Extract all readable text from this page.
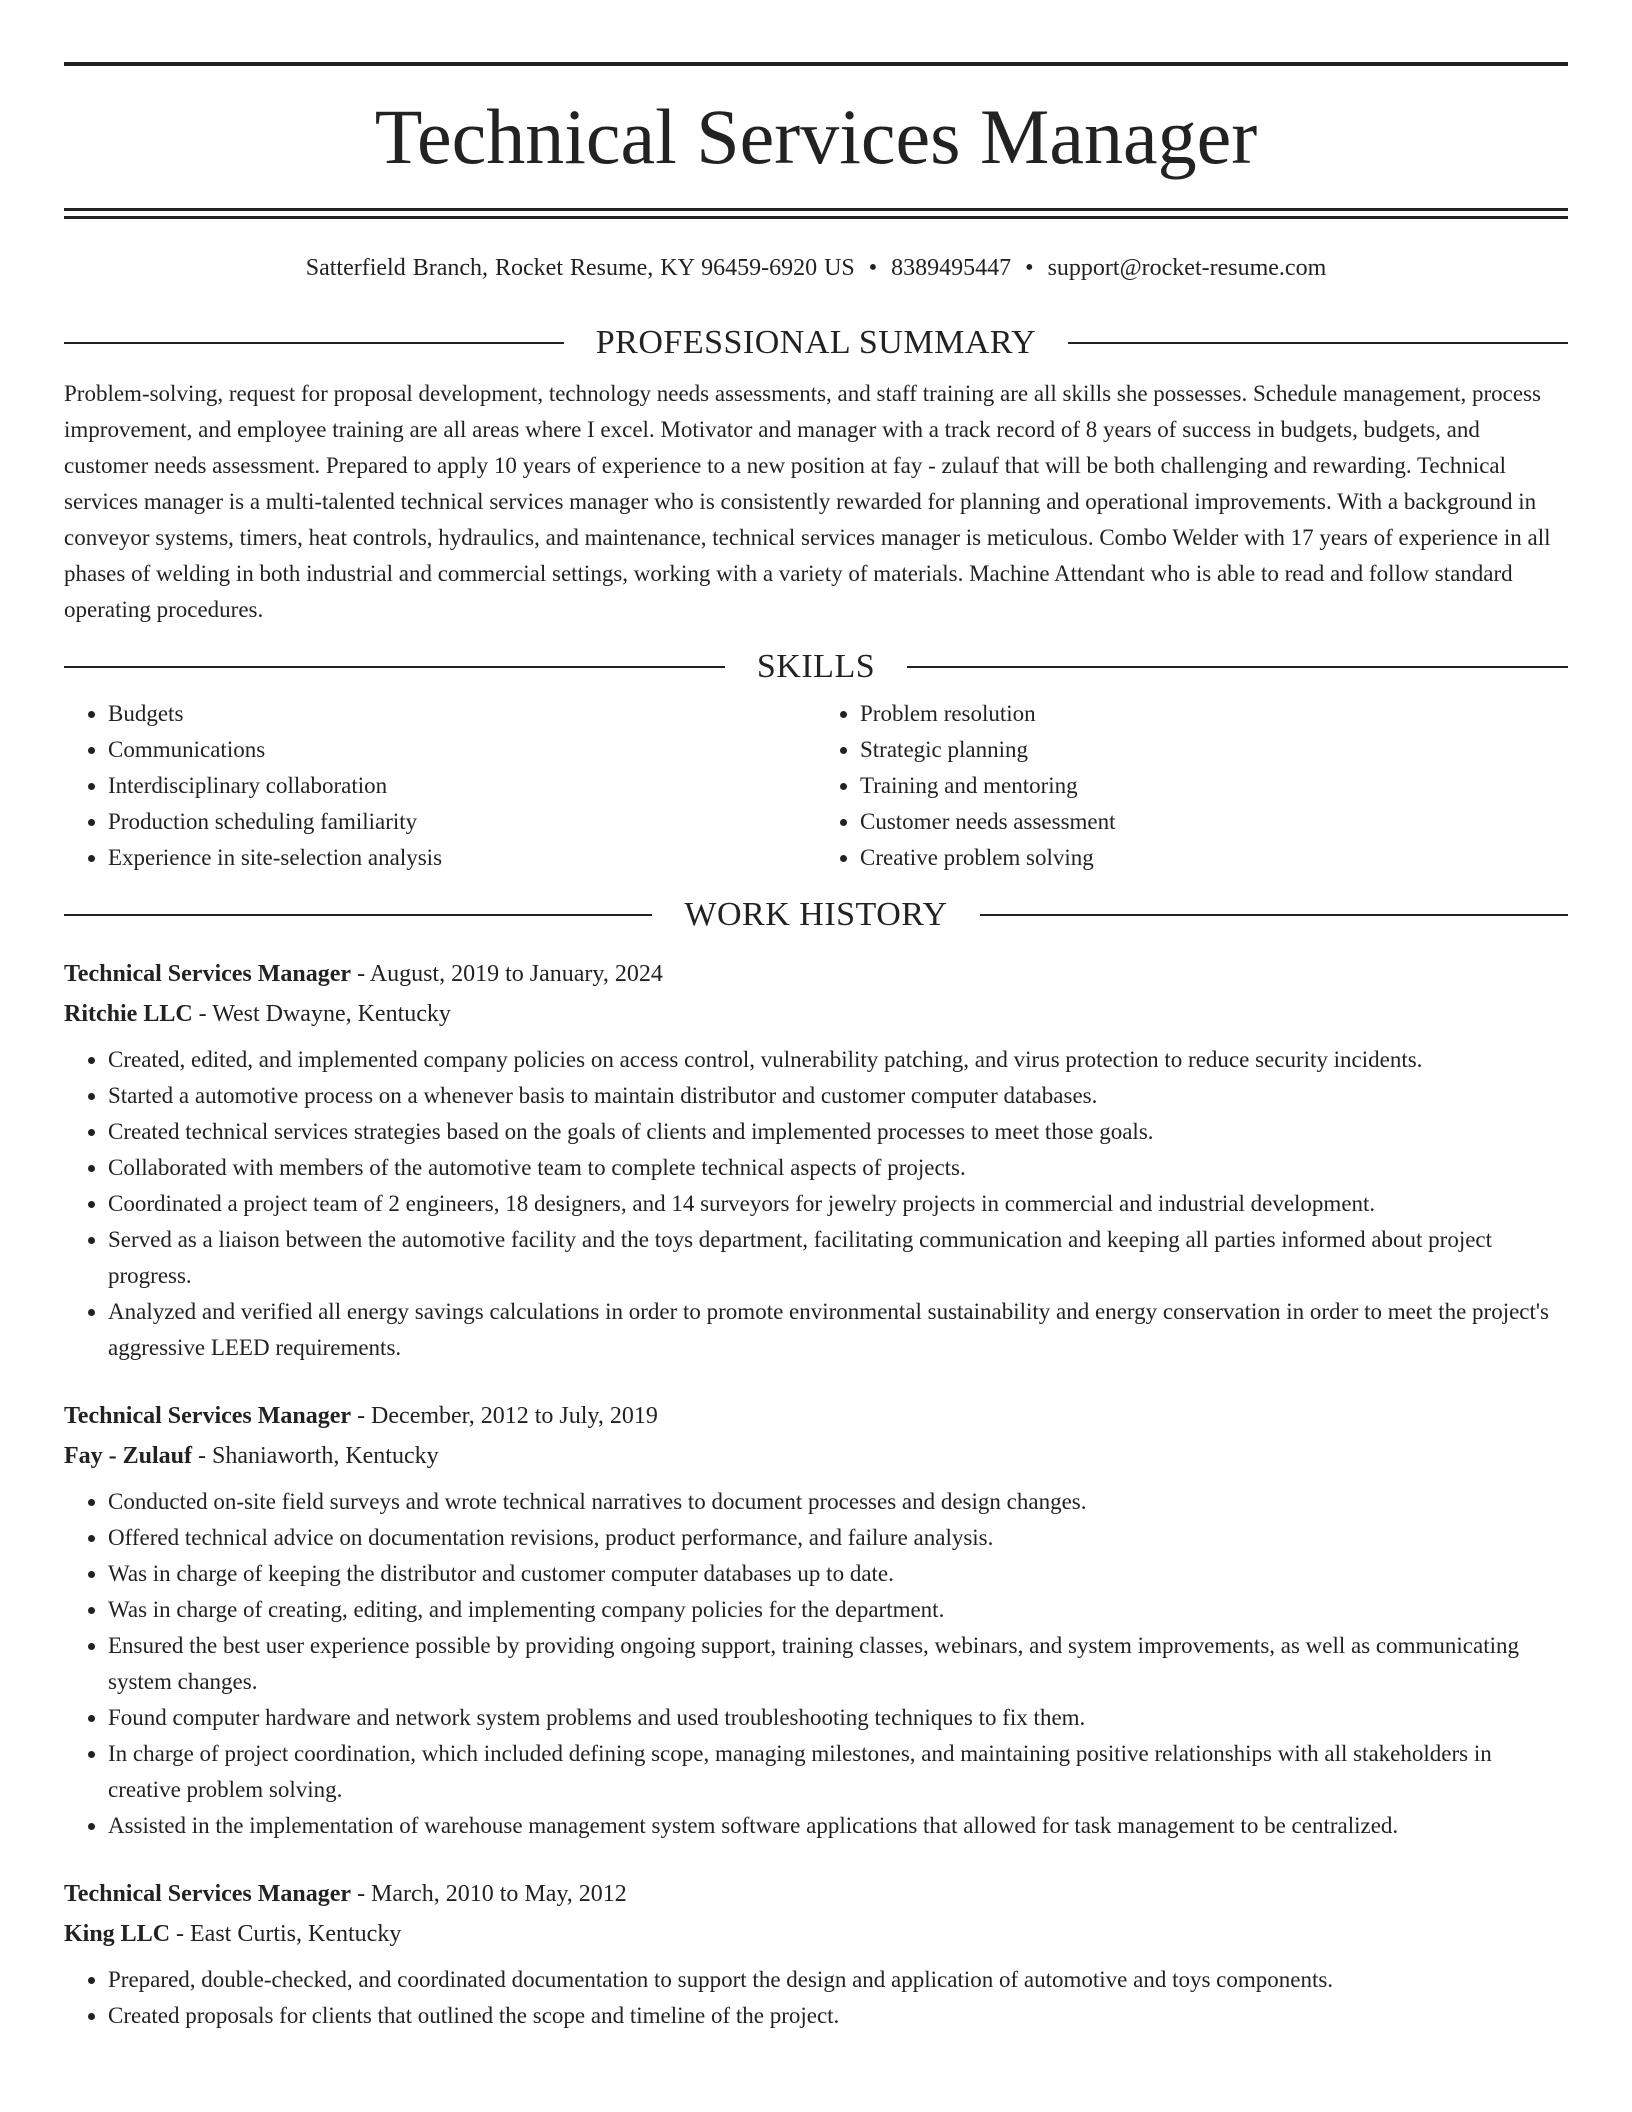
Technical Services Manager
Satterfield Branch, Rocket Resume, KY 96459-6920 US • 8389495447 • support@rocket-resume.com
PROFESSIONAL SUMMARY

Problem-solving, request for proposal development, technology needs assessments, and staff training are all skills she possesses. Schedule management, process improvement, and employee training are all areas where I excel. Motivator and manager with a track record of 8 years of success in budgets, budgets, and customer needs assessment. Prepared to apply 10 years of experience to a new position at fay - zulauf that will be both challenging and rewarding. Technical services manager is a multi-talented technical services manager who is consistently rewarded for planning and operational improvements. With a background in conveyor systems, timers, heat controls, hydraulics, and maintenance, technical services manager is meticulous. Combo Welder with 17 years of experience in all phases of welding in both industrial and commercial settings, working with a variety of materials. Machine Attendant who is able to read and follow standard operating procedures.

SKILLS
• Budgets
• Communications
• Interdisciplinary collaboration
• Production scheduling familiarity
• Experience in site-selection analysis
• Problem resolution
• Strategic planning
• Training and mentoring
• Customer needs assessment
• Creative problem solving
WORK HISTORY
Technical Services Manager - August, 2019 to January, 2024
Ritchie LLC - West Dwayne, Kentucky
• Created, edited, and implemented company policies on access control, vulnerability patching, and virus protection to reduce security incidents.
• Started a automotive process on a whenever basis to maintain distributor and customer computer databases.
• Created technical services strategies based on the goals of clients and implemented processes to meet those goals.
• Collaborated with members of the automotive team to complete technical aspects of projects.
• Coordinated a project team of 2 engineers, 18 designers, and 14 surveyors for jewelry projects in commercial and industrial development.
• Served as a liaison between the automotive facility and the toys department, facilitating communication and keeping all parties informed about project progress.
• Analyzed and verified all energy savings calculations in order to promote environmental sustainability and energy conservation in order to meet the project's aggressive LEED requirements.
Technical Services Manager - December, 2012 to July, 2019
Fay - Zulauf - Shaniaworth, Kentucky
• Conducted on-site field surveys and wrote technical narratives to document processes and design changes.
• Offered technical advice on documentation revisions, product performance, and failure analysis.
• Was in charge of keeping the distributor and customer computer databases up to date.
• Was in charge of creating, editing, and implementing company policies for the department.
• Ensured the best user experience possible by providing ongoing support, training classes, webinars, and system improvements, as well as communicating system changes.
• Found computer hardware and network system problems and used troubleshooting techniques to fix them.
• In charge of project coordination, which included defining scope, managing milestones, and maintaining positive relationships with all stakeholders in creative problem solving.
• Assisted in the implementation of warehouse management system software applications that allowed for task management to be centralized.
Technical Services Manager - March, 2010 to May, 2012
King LLC - East Curtis, Kentucky
• Prepared, double-checked, and coordinated documentation to support the design and application of automotive and toys components.
• Created proposals for clients that outlined the scope and timeline of the project.
